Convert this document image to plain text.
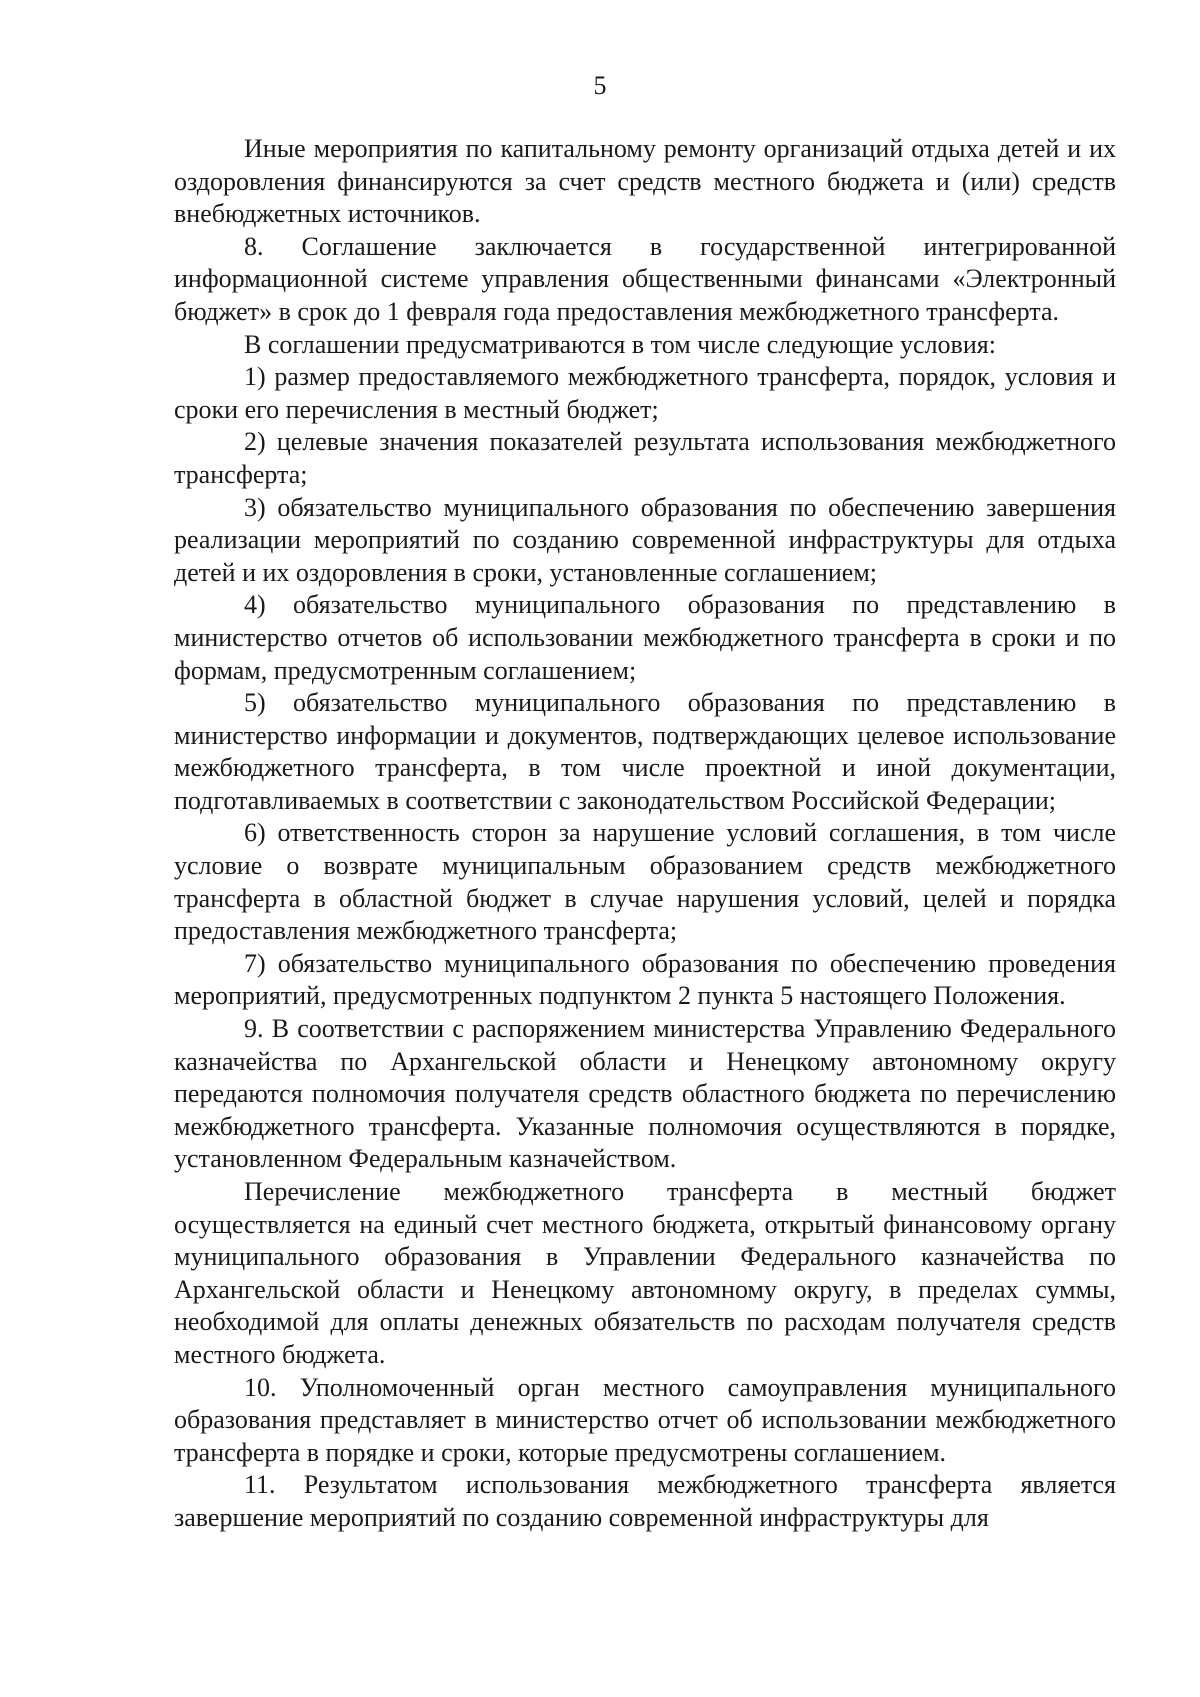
5

Иные мероприятия по капитальному ремонту организаций отдыха детей и их оздоровления финансируются за счет средств местного бюджета и (или) средств внебюджетных источников.

8. Соглашение заключается в государственной интегрированной информационной системе управления общественными финансами «Электронный бюджет» в срок до 1 февраля года предоставления межбюджетного трансферта.

В соглашении предусматриваются в том числе следующие условия:

1) размер предоставляемого межбюджетного трансферта, порядок, условия и сроки его перечисления в местный бюджет;

2) целевые значения показателей результата использования межбюджетного трансферта;

3) обязательство муниципального образования по обеспечению завершения реализации мероприятий по созданию современной инфраструктуры для отдыха детей и их оздоровления в сроки, установленные соглашением;

4) обязательство муниципального образования по представлению в министерство отчетов об использовании межбюджетного трансферта в сроки и по формам, предусмотренным соглашением;

5) обязательство муниципального образования по представлению в министерство информации и документов, подтверждающих целевое использование межбюджетного трансферта, в том числе проектной и иной документации, подготавливаемых в соответствии с законодательством Российской Федерации;

6) ответственность сторон за нарушение условий соглашения, в том числе условие о возврате муниципальным образованием средств межбюджетного трансферта в областной бюджет в случае нарушения условий, целей и порядка предоставления межбюджетного трансферта;

7) обязательство муниципального образования по обеспечению проведения мероприятий, предусмотренных подпунктом 2 пункта 5 настоящего Положения.

9. В соответствии с распоряжением министерства Управлению Федерального казначейства по Архангельской области и Ненецкому автономному округу передаются полномочия получателя средств областного бюджета по перечислению межбюджетного трансферта. Указанные полномочия осуществляются в порядке, установленном Федеральным казначейством.

Перечисление межбюджетного трансферта в местный бюджет осуществляется на единый счет местного бюджета, открытый финансовому органу муниципального образования в Управлении Федерального казначейства по Архангельской области и Ненецкому автономному округу, в пределах суммы, необходимой для оплаты денежных обязательств по расходам получателя средств местного бюджета.

10. Уполномоченный орган местного самоуправления муниципального образования представляет в министерство отчет об использовании межбюджетного трансферта в порядке и сроки, которые предусмотрены соглашением.

11. Результатом использования межбюджетного трансферта является завершение мероприятий по созданию современной инфраструктуры для
